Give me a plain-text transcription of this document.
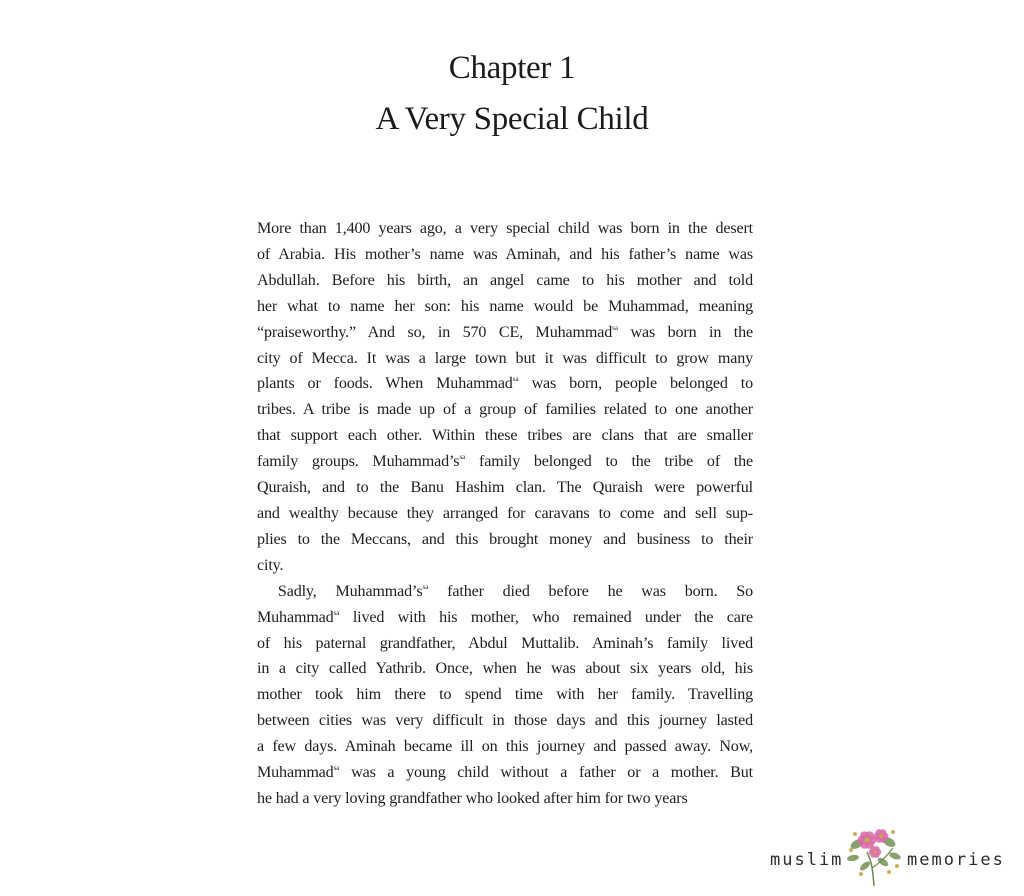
Chapter 1
A Very Special Child
More than 1,400 years ago, a very special child was born in the desert
of Arabia. His mother’s name was Aminah, and his father’s name was
Abdullah. Before his birth, an angel came to his mother and told
her what to name her son: his name would be Muhammad, meaning
“praiseworthy.” And so, in 570 CE, Muhammad$^{sa}$ was born in the
city of Mecca. It was a large town but it was difficult to grow many
plants or foods. When Muhammad$^{sa}$ was born, people belonged to
tribes. A tribe is made up of a group of families related to one another
that support each other. Within these tribes are clans that are smaller
family groups. $Muhammad’s^{sa}$ family belonged to the tribe of the
Quraish, and to the Banu Hashim clan. The Quraish were powerful
and wealthy because they arranged for caravans to come and sell sup-
plies to the Meccans, and this brought money and business to their
city.
Sadly, $Muhammad’s^{sa}$ father died before he was born. So
Muhammad$^{sa}$ lived with his mother, who remained under the care
of his paternal grandfather, Abdul Muttalib. Aminah’s family lived
in a city called Yathrib. Once, when he was about six years old, his
mother took him there to spend time with her family. Travelling
between cities was very difficult in those days and this journey lasted
a few days. Aminah became ill on this journey and passed away. Now,
Muhammad$^{sa}$ was a young child without a father or a mother. But
he had a very loving grandfather who looked after him for two years
muslim	memories
